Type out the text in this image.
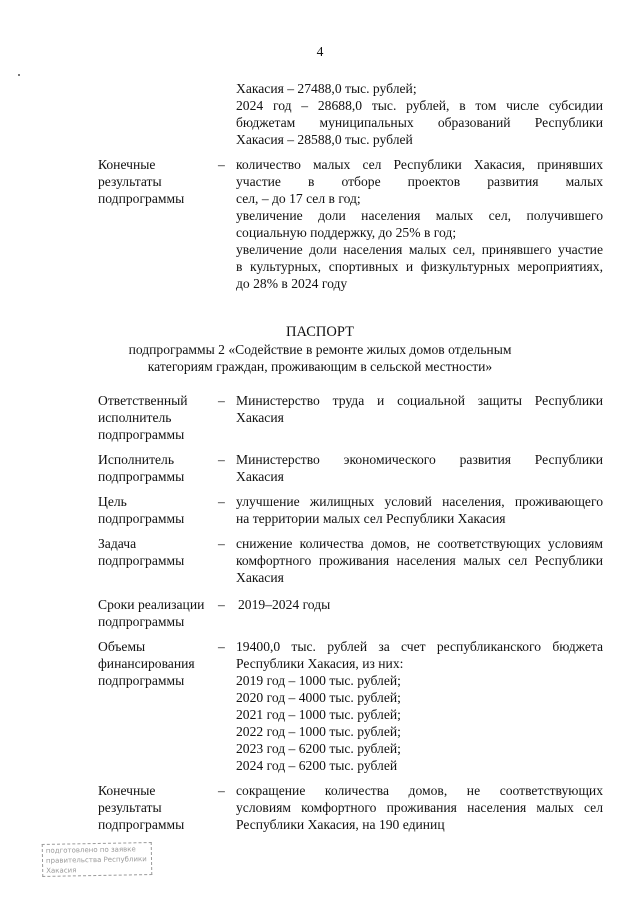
4
Хакасия – 27488,0 тыс. рублей;
2024 год – 28688,0 тыс. рублей, в том числе субсидии
бюджетам муниципальных образований Республики
Хакасия – 28588,0 тыс. рублей
Конечные
результаты
подпрограммы
– количество малых сел Республики Хакасия, принявших
участие в отборе проектов развития малых
сел, – до 17 сел в год;
увеличение доли населения малых сел, получившего
социальную поддержку, до 25% в год;
увеличение доли населения малых сел, принявшего участие
в культурных, спортивных и физкультурных мероприятиях,
до 28% в 2024 году
ПАСПОРТ
подпрограммы 2 «Содействие в ремонте жилых домов отдельным
категориям граждан, проживающим в сельской местности»
Ответственный
исполнитель
подпрограммы
– Министерство труда и социальной защиты Республики
Хакасия
Исполнитель
подпрограммы
– Министерство экономического развития Республики
Хакасия
Цель
подпрограммы
– улучшение жилищных условий населения, проживающего
на территории малых сел Республики Хакасия
Задача
подпрограммы
– снижение количества домов, не соответствующих условиям
комфортного проживания населения малых сел Республики
Хакасия
Сроки реализации
подпрограммы
– 2019–2024 годы
Объемы
финансирования
подпрограммы
– 19400,0 тыс. рублей за счет республиканского бюджета
Республики Хакасия, из них:
2019 год – 1000 тыс. рублей;
2020 год – 4000 тыс. рублей;
2021 год – 1000 тыс. рублей;
2022 год – 1000 тыс. рублей;
2023 год – 6200 тыс. рублей;
2024 год – 6200 тыс. рублей
Конечные
результаты
подпрограммы
– сокращение количества домов, не соответствующих
условиям комфортного проживания населения малых сел
Республики Хакасия, на 190 единиц
подготовлено по заявке
правительства Республики
Хакасия
